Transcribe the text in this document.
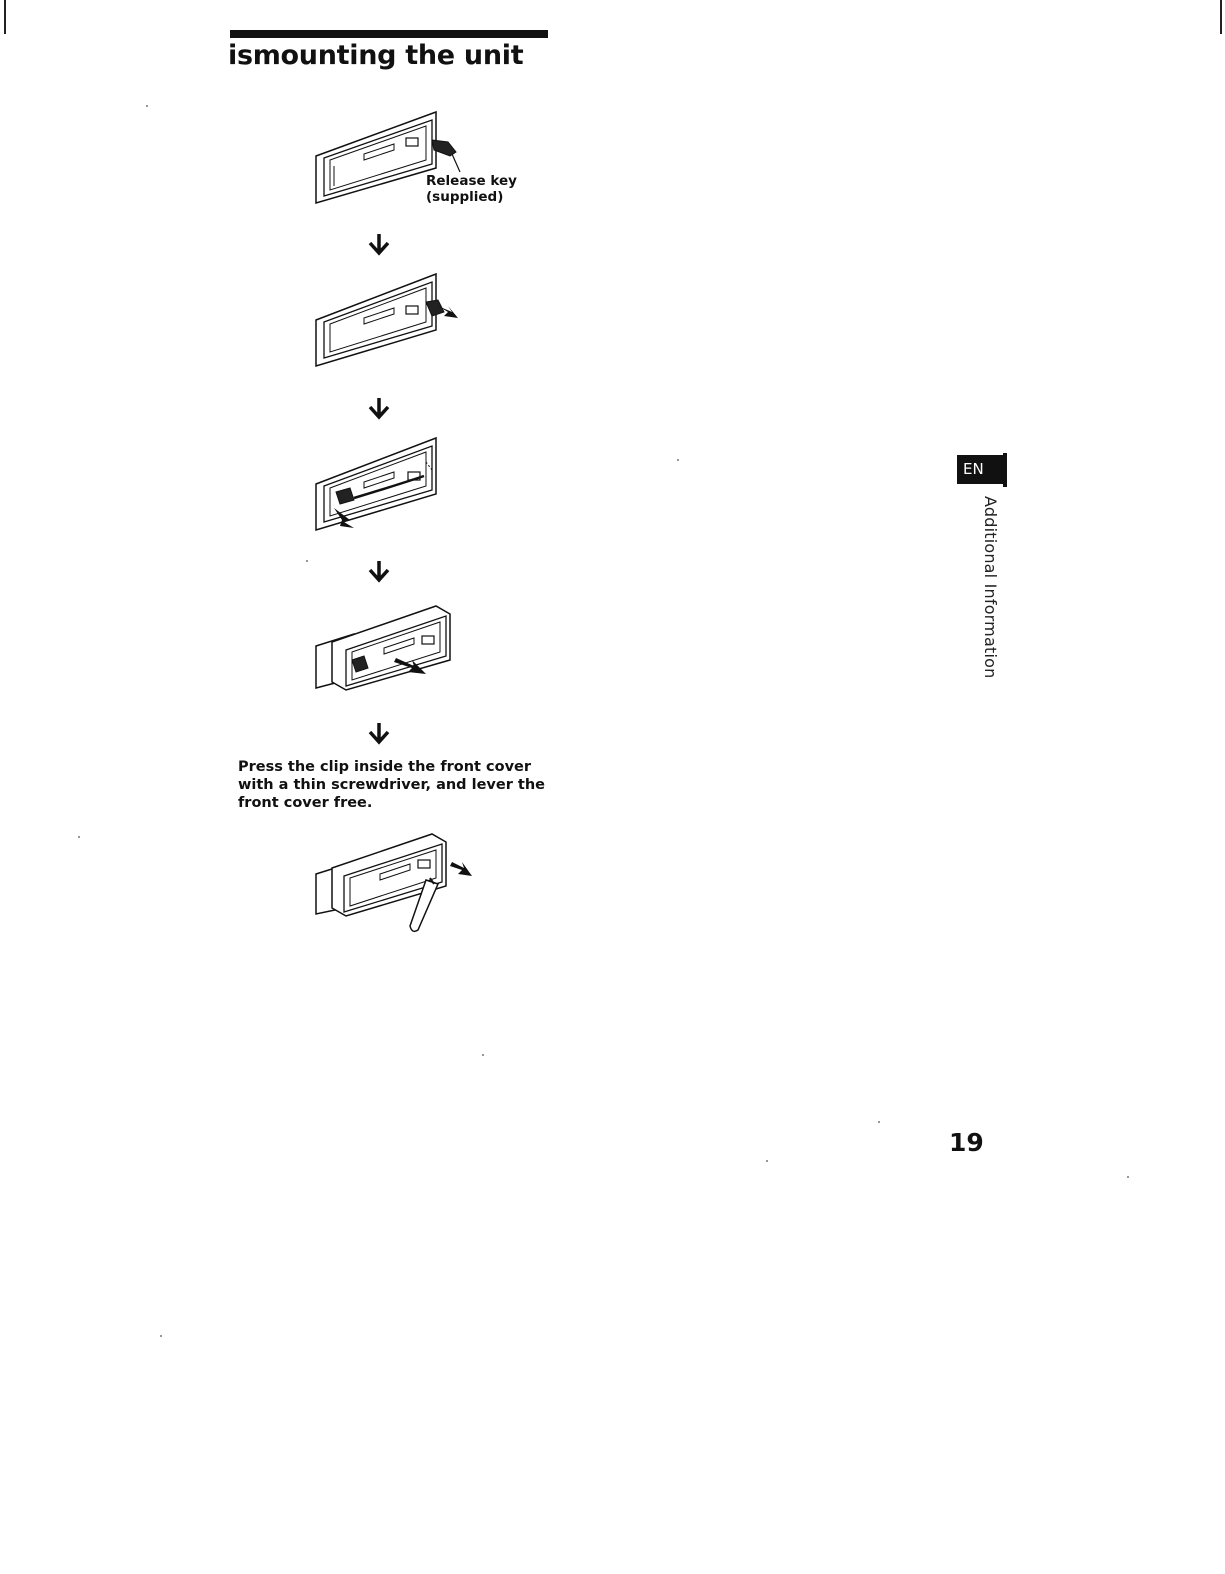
ismounting the unit
Release key
(supplied)

Press the clip inside the front cover with a thin screwdriver, and lever the front cover free.

EN
Additional Information
19
